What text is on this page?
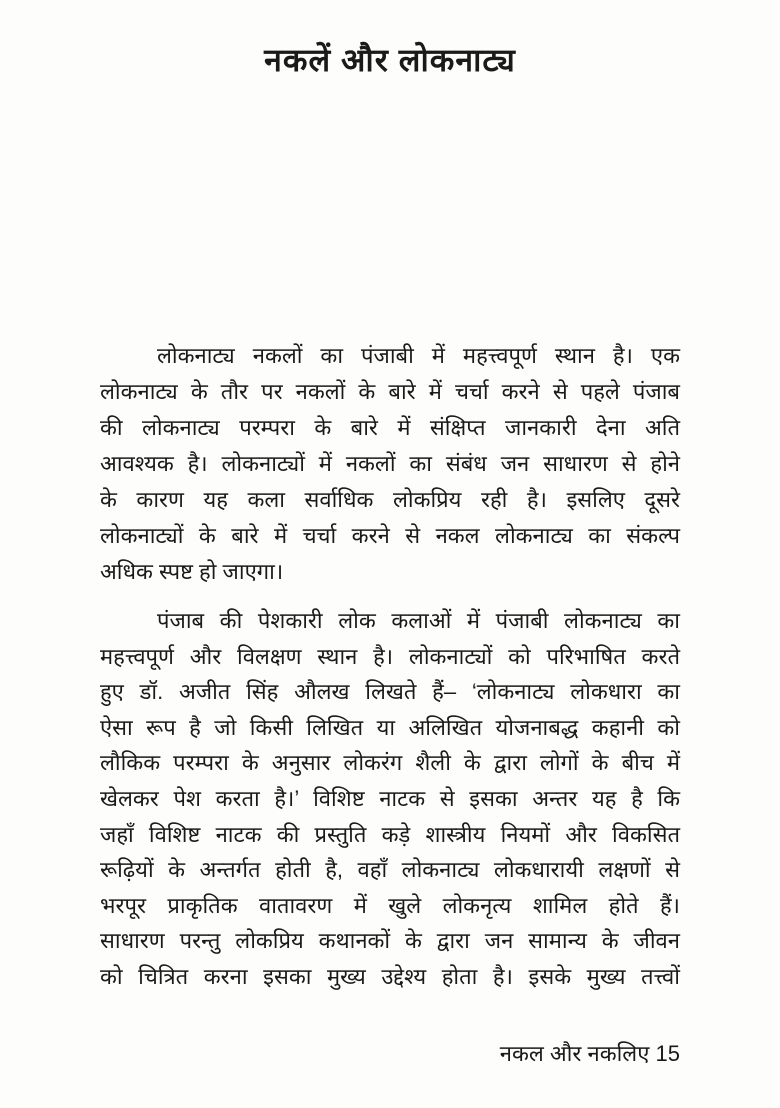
नकलें और लोकनाट्य
लोकनाट्य नकलों का पंजाबी में महत्त्वपूर्ण स्थान है। एक
लोकनाट्य के तौर पर नकलों के बारे में चर्चा करने से पहले पंजाब
की लोकनाट्य परम्परा के बारे में संक्षिप्त जानकारी देना अति
आवश्यक है। लोकनाट्यों में नकलों का संबंध जन साधारण से होने
के कारण यह कला सर्वाधिक लोकप्रिय रही है। इसलिए दूसरे
लोकनाट्यों के बारे में चर्चा करने से नकल लोकनाट्य का संकल्प
अधिक स्पष्ट हो जाएगा।
पंजाब की पेशकारी लोक कलाओं में पंजाबी लोकनाट्य का
महत्त्वपूर्ण और विलक्षण स्थान है। लोकनाट्यों को परिभाषित करते
हुए डॉ. अजीत सिंह औलख लिखते हैं– ‘लोकनाट्य लोकधारा का
ऐसा रूप है जो किसी लिखित या अलिखित योजनाबद्ध कहानी को
लौकिक परम्परा के अनुसार लोकरंग शैली के द्वारा लोगों के बीच में
खेलकर पेश करता है।’ विशिष्ट नाटक से इसका अन्तर यह है कि
जहाँ विशिष्ट नाटक की प्रस्तुति कड़े शास्त्रीय नियमों और विकसित
रूढ़ियों के अन्तर्गत होती है, वहाँ लोकनाट्य लोकधारायी लक्षणों से
भरपूर प्राकृतिक वातावरण में खुले लोकनृत्य शामिल होते हैं।
साधारण परन्तु लोकप्रिय कथानकों के द्वारा जन सामान्य के जीवन
को चित्रित करना इसका मुख्य उद्देश्य होता है। इसके मुख्य तत्त्वों
नकल और नकलिए 15
